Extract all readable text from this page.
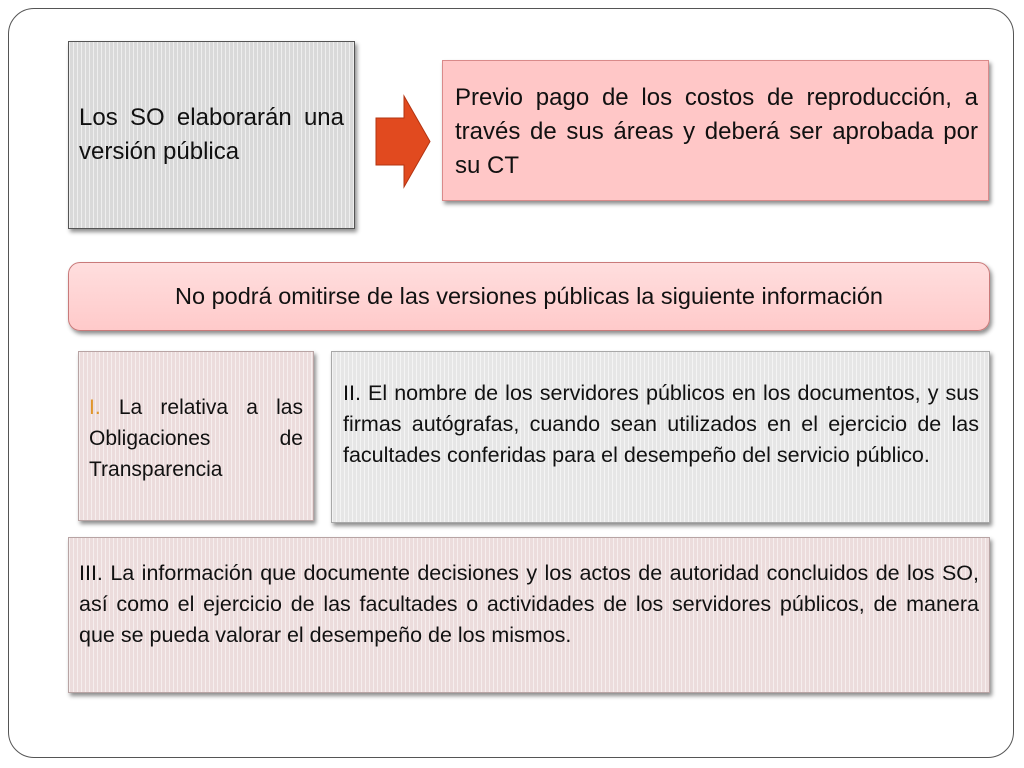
Los SO elaborarán una versión pública
Previo pago de los costos de reproducción, a través de sus áreas y deberá ser aprobada por su CT
No podrá omitirse de las versiones públicas la siguiente información
I. La relativa a las Obligaciones de Transparencia
II. El nombre de los servidores públicos en los documentos, y sus firmas autógrafas, cuando sean utilizados en el ejercicio de las facultades conferidas para el desempeño del servicio público.
III. La información que documente decisiones y los actos de autoridad concluidos de los SO, así como el ejercicio de las facultades o actividades de los servidores públicos, de manera que se pueda valorar el desempeño de los mismos.
